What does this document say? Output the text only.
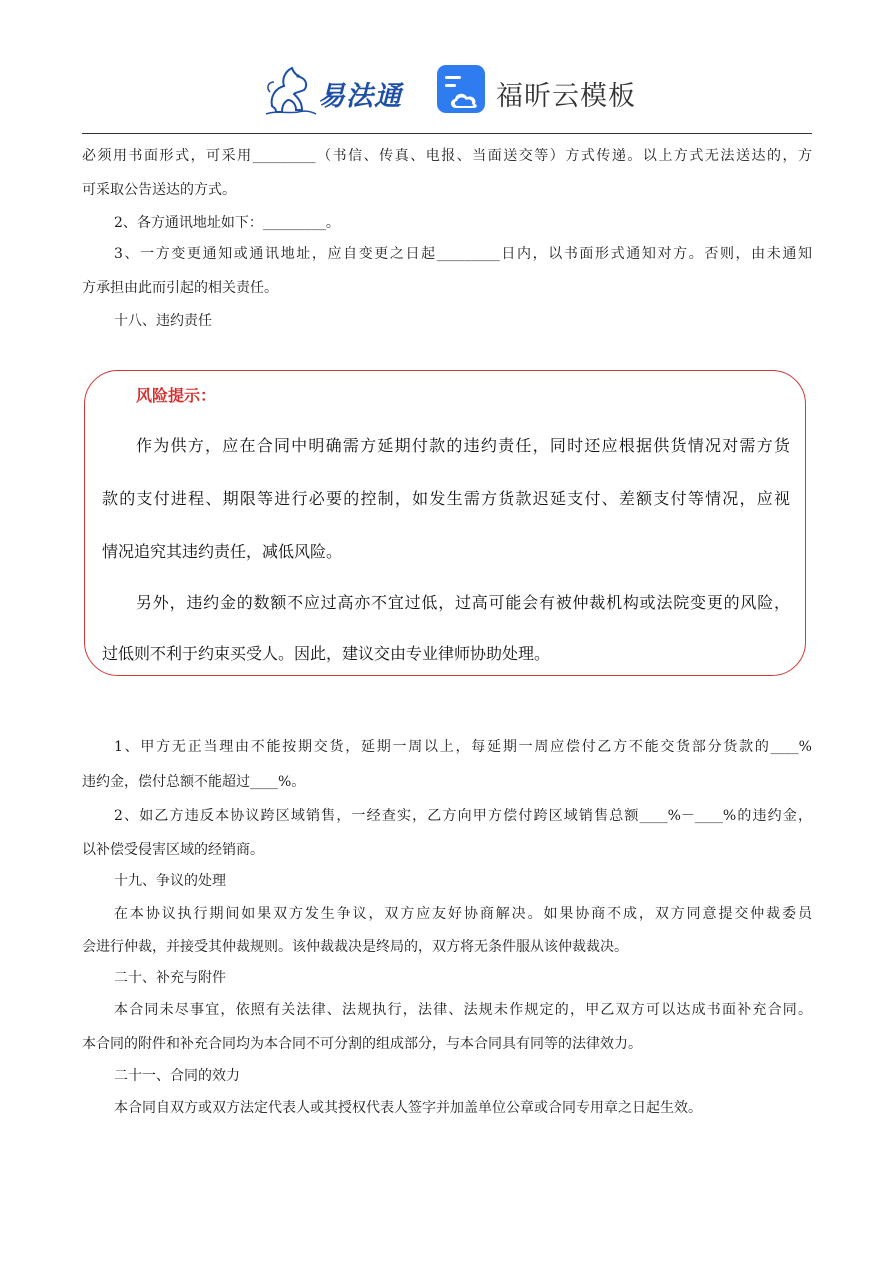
易法通	福昕云模板
必须用书面形式，可采用_________（书信、传真、电报、当面送交等）方式传递。以上方式无法送达的，方
可采取公告送达的方式。
2、各方通讯地址如下：_________。
3、一方变更通知或通讯地址，应自变更之日起_________日内，以书面形式通知对方。否则，由未通知
方承担由此而引起的相关责任。
十八、违约责任
风险提示：
作为供方，应在合同中明确需方延期付款的违约责任，同时还应根据供货情况对需方货
款的支付进程、期限等进行必要的控制，如发生需方货款迟延支付、差额支付等情况，应视
情况追究其违约责任，减低风险。
另外，违约金的数额不应过高亦不宜过低，过高可能会有被仲裁机构或法院变更的风险，
过低则不利于约束买受人。因此，建议交由专业律师协助处理。
1、甲方无正当理由不能按期交货，延期一周以上，每延期一周应偿付乙方不能交货部分货款的____%
违约金，偿付总额不能超过____%。
2、如乙方违反本协议跨区域销售，一经查实，乙方向甲方偿付跨区域销售总额____%－____%的违约金，
以补偿受侵害区域的经销商。
十九、争议的处理
在本协议执行期间如果双方发生争议，双方应友好协商解决。如果协商不成，双方同意提交仲裁委员
会进行仲裁，并接受其仲裁规则。该仲裁裁决是终局的，双方将无条件服从该仲裁裁决。
二十、补充与附件
本合同未尽事宜，依照有关法律、法规执行，法律、法规未作规定的，甲乙双方可以达成书面补充合同。
本合同的附件和补充合同均为本合同不可分割的组成部分，与本合同具有同等的法律效力。
二十一、合同的效力
本合同自双方或双方法定代表人或其授权代表人签字并加盖单位公章或合同专用章之日起生效。
